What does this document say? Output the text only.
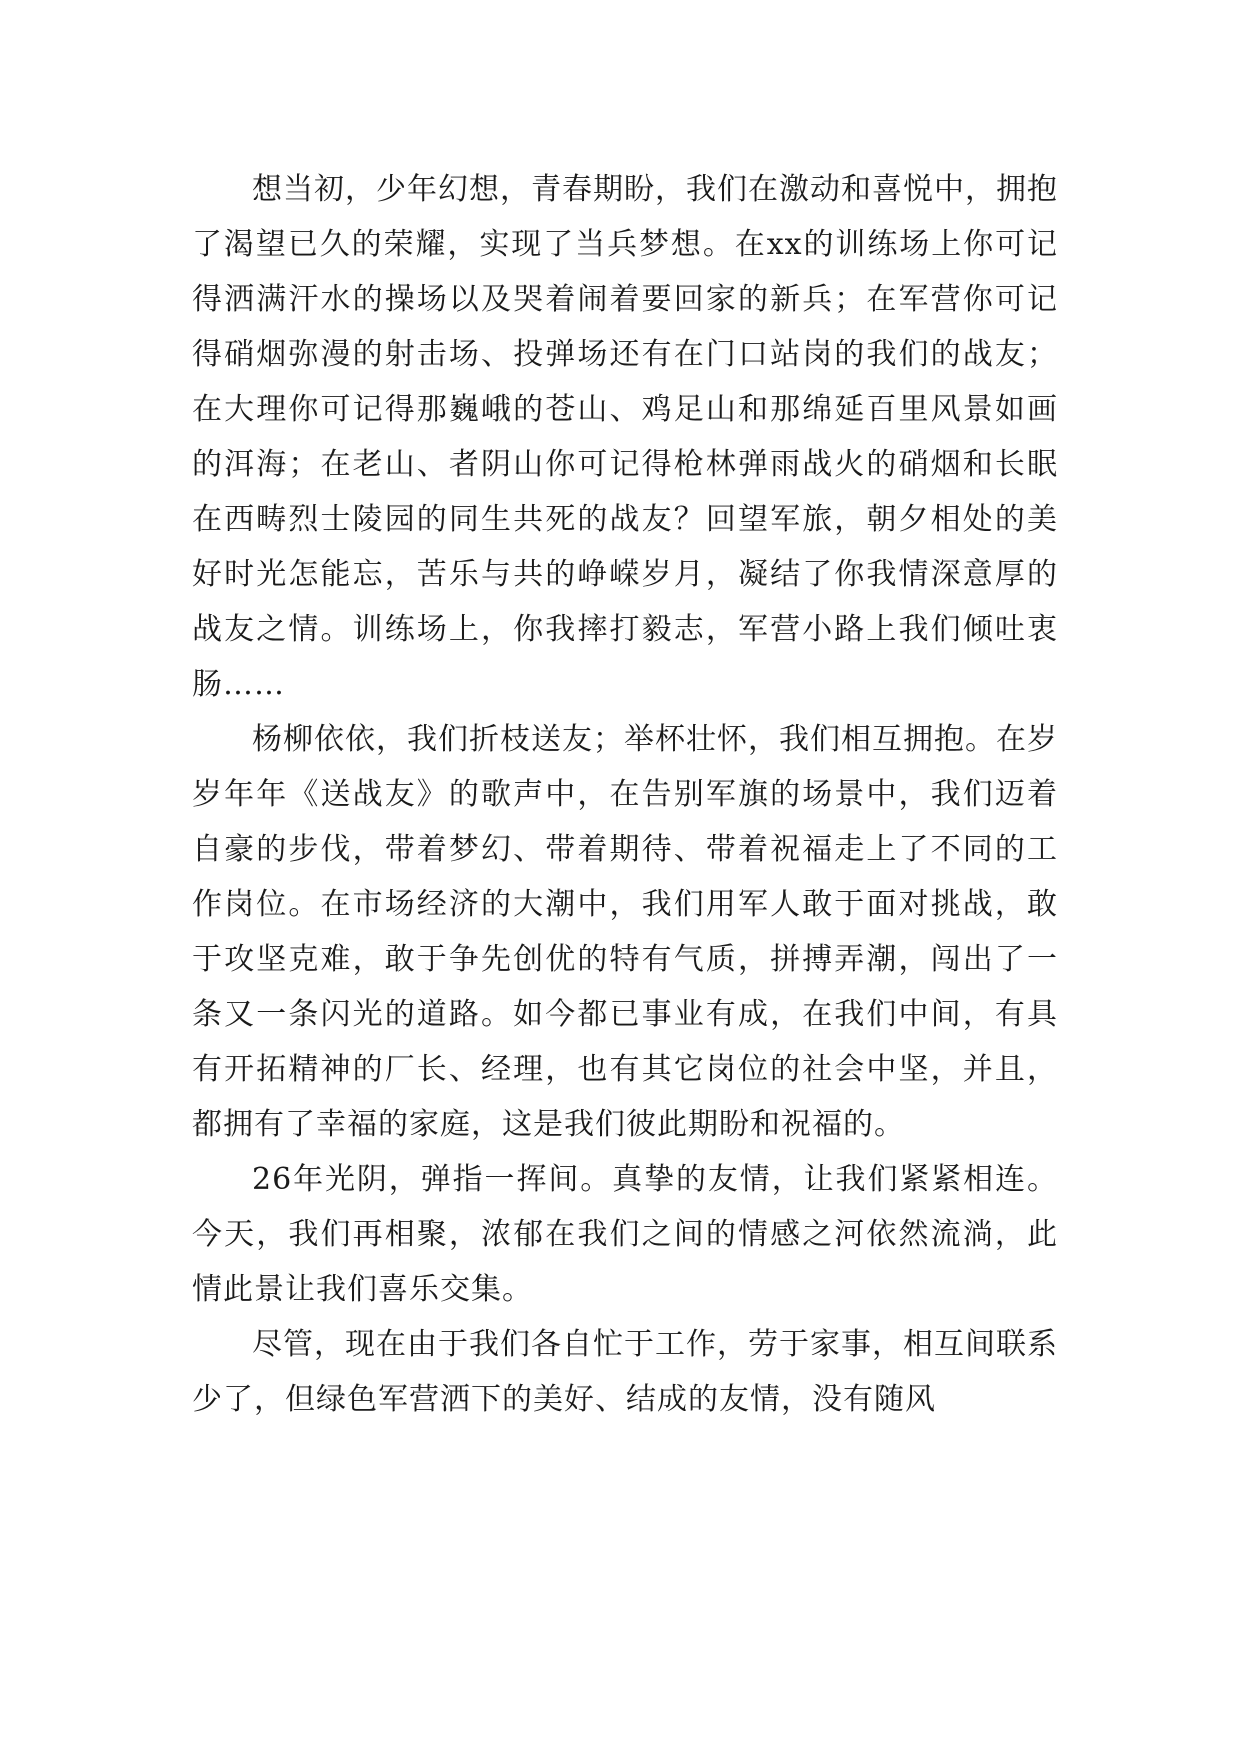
想当初，少年幻想，青春期盼，我们在激动和喜悦中，拥抱了渴望已久的荣耀，实现了当兵梦想。在xx的训练场上你可记得洒满汗水的操场以及哭着闹着要回家的新兵；在军营你可记得硝烟弥漫的射击场、投弹场还有在门口站岗的我们的战友；在大理你可记得那巍峨的苍山、鸡足山和那绵延百里风景如画的洱海；在老山、者阴山你可记得枪林弹雨战火的硝烟和长眠在西畴烈士陵园的同生共死的战友？回望军旅，朝夕相处的美好时光怎能忘，苦乐与共的峥嵘岁月，凝结了你我情深意厚的战友之情。训练场上，你我摔打毅志，军营小路上我们倾吐衷肠……

杨柳依依，我们折枝送友；举杯壮怀，我们相互拥抱。在岁岁年年《送战友》的歌声中，在告别军旗的场景中，我们迈着自豪的步伐，带着梦幻、带着期待、带着祝福走上了不同的工作岗位。在市场经济的大潮中，我们用军人敢于面对挑战，敢于攻坚克难，敢于争先创优的特有气质，拼搏弄潮，闯出了一条又一条闪光的道路。如今都已事业有成，在我们中间，有具有开拓精神的厂长、经理，也有其它岗位的社会中坚，并且，都拥有了幸福的家庭，这是我们彼此期盼和祝福的。

26年光阴，弹指一挥间。真挚的友情，让我们紧紧相连。今天，我们再相聚，浓郁在我们之间的情感之河依然流淌，此情此景让我们喜乐交集。

尽管，现在由于我们各自忙于工作，劳于家事，相互间联系少了，但绿色军营洒下的美好、结成的友情，没有随风
